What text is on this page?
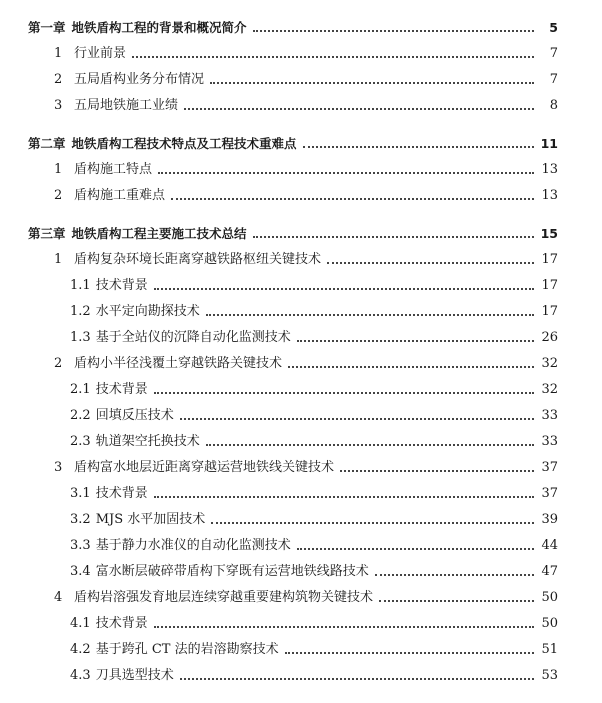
第一章 地铁盾构工程的背景和概况简介	5
1 行业前景	7
2 五局盾构业务分布情况	7
3 五局地铁施工业绩	8
第二章 地铁盾构工程技术特点及工程技术重难点	11
1 盾构施工特点	13
2 盾构施工重难点	13
第三章 地铁盾构工程主要施工技术总结	15
1 盾构复杂环境长距离穿越铁路枢纽关键技术	17
1.1 技术背景	17
1.2 水平定向勘探技术	17
1.3 基于全站仪的沉降自动化监测技术	26
2 盾构小半径浅覆土穿越铁路关键技术	32
2.1 技术背景	32
2.2 回填反压技术	33
2.3 轨道架空托换技术	33
3 盾构富水地层近距离穿越运营地铁线关键技术	37
3.1 技术背景	37
3.2 MJS 水平加固技术	39
3.3 基于静力水准仪的自动化监测技术	44
3.4 富水断层破碎带盾构下穿既有运营地铁线路技术	47
4 盾构岩溶强发育地层连续穿越重要建构筑物关键技术	50
4.1 技术背景	50
4.2 基于跨孔 CT 法的岩溶勘察技术	51
4.3 刀具选型技术	53
